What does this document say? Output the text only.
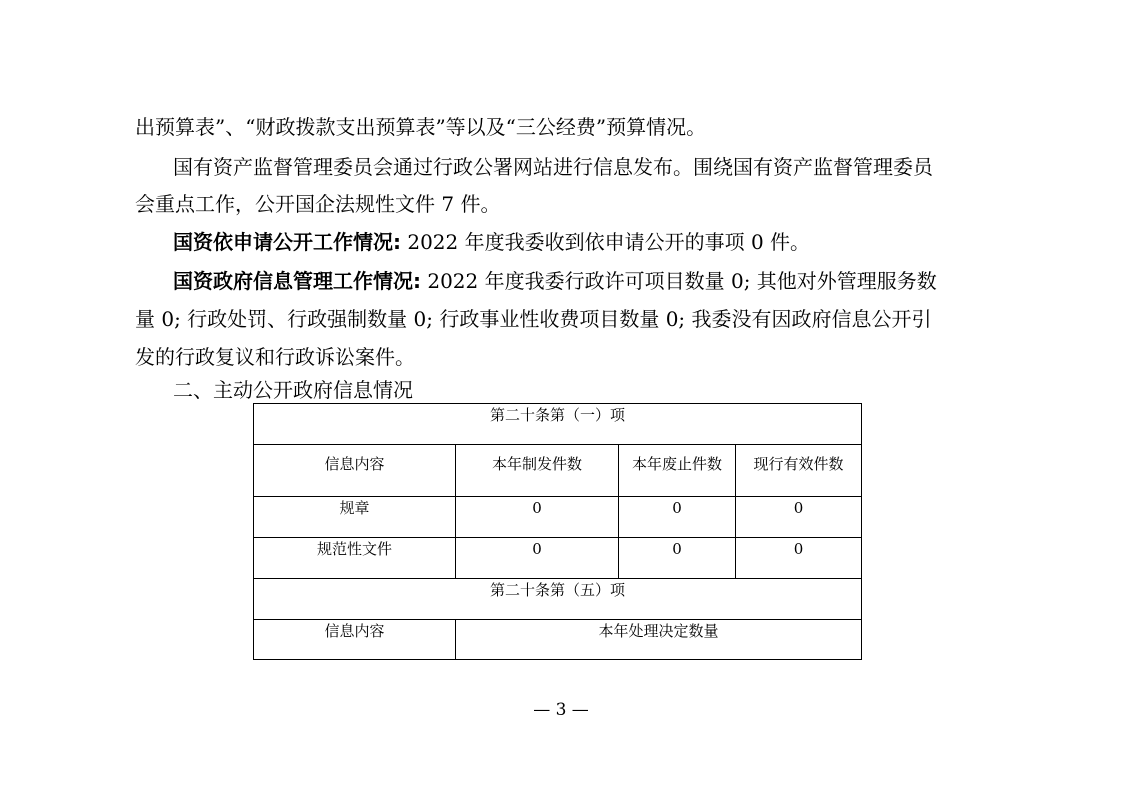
出预算表”、“财政拨款支出预算表”等以及“三公经费”预算情况。
国有资产监督管理委员会通过行政公署网站进行信息发布。围绕国有资产监督管理委员
会重点工作，公开国企法规性文件 7 件。
国资依申请公开工作情况: 2022 年度我委收到依申请公开的事项 0 件。
国资政府信息管理工作情况: 2022 年度我委行政许可项目数量 0; 其他对外管理服务数
量 0; 行政处罚、行政强制数量 0; 行政事业性收费项目数量 0; 我委没有因政府信息公开引
发的行政复议和行政诉讼案件。
二、主动公开政府信息情况
第二十条第（一）项			
信息内容	本年制发件数	本年废止件数	现行有效件数
规章	0	0	0
规范性文件	0	0	0
第二十条第（五）项			
信息内容	本年处理决定数量		
— 3 —
